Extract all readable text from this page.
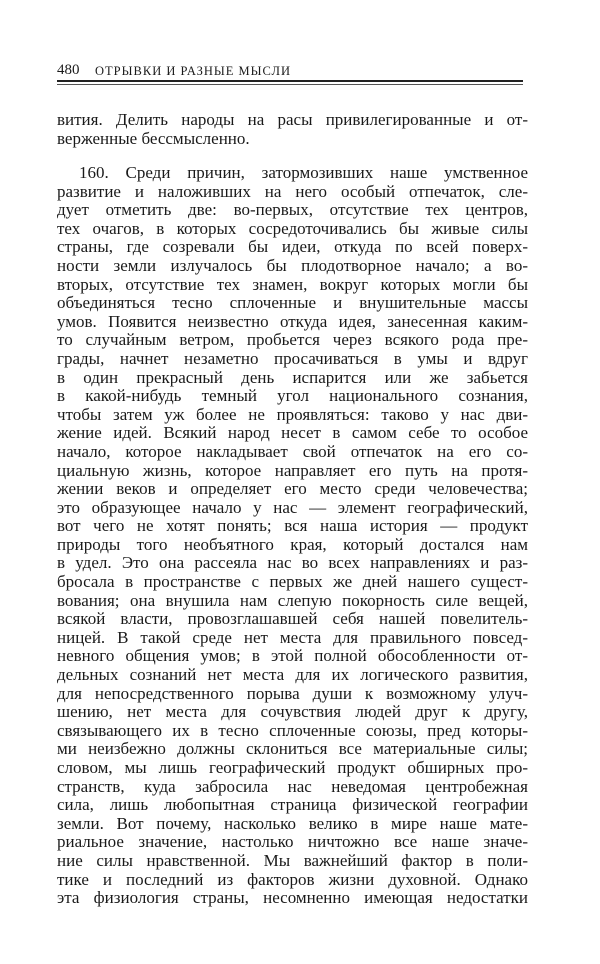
480 ОТРЫВКИ И РАЗНЫЕ МЫСЛИ
вития. Делить народы на расы привилегированные и от-
верженные бессмысленно.
160. Среди причин, затормозивших наше умственное
развитие и наложивших на него особый отпечаток, сле-
дует отметить две: во-первых, отсутствие тех центров,
тех очагов, в которых сосредоточивались бы живые силы
страны, где созревали бы идеи, откуда по всей поверх-
ности земли излучалось бы плодотворное начало; а во-
вторых, отсутствие тех знамен, вокруг которых могли бы
объединяться тесно сплоченные и внушительные массы
умов. Появится неизвестно откуда идея, занесенная каким-
то случайным ветром, пробьется через всякого рода пре-
грады, начнет незаметно просачиваться в умы и вдруг
в один прекрасный день испарится или же забьется
в какой-нибудь темный угол национального сознания,
чтобы затем уж более не проявляться: таково у нас дви-
жение идей. Всякий народ несет в самом себе то особое
начало, которое накладывает свой отпечаток на его со-
циальную жизнь, которое направляет его путь на протя-
жении веков и определяет его место среди человечества;
это образующее начало у нас — элемент географический,
вот чего не хотят понять; вся наша история — продукт
природы того необъятного края, который достался нам
в удел. Это она рассеяла нас во всех направлениях и раз-
бросала в пространстве с первых же дней нашего сущест-
вования; она внушила нам слепую покорность силе вещей,
всякой власти, провозглашавшей себя нашей повелитель-
ницей. В такой среде нет места для правильного повсед-
невного общения умов; в этой полной обособленности от-
дельных сознаний нет места для их логического развития,
для непосредственного порыва души к возможному улуч-
шению, нет места для сочувствия людей друг к другу,
связывающего их в тесно сплоченные союзы, пред которы-
ми неизбежно должны склониться все материальные силы;
словом, мы лишь географический продукт обширных про-
странств, куда забросила нас неведомая центробежная
сила, лишь любопытная страница физической географии
земли. Вот почему, насколько велико в мире наше мате-
риальное значение, настолько ничтожно все наше значе-
ние силы нравственной. Мы важнейший фактор в поли-
тике и последний из факторов жизни духовной. Однако
эта физиология страны, несомненно имеющая недостатки
